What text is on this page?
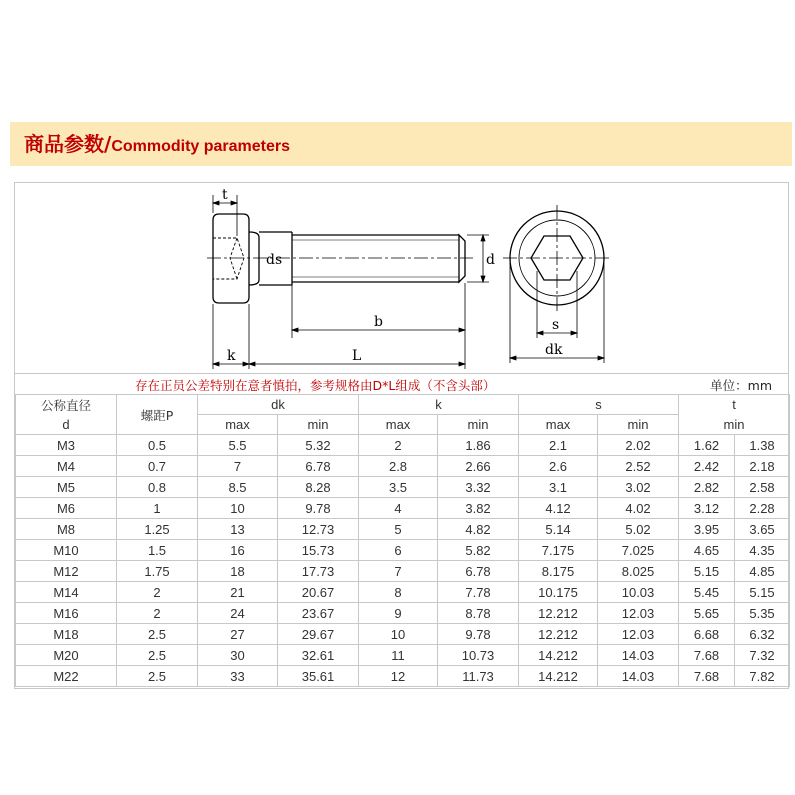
商品参数/Commodity parameters
t
ds	d
b
k	L
s
dk
存在正员公差特别在意者慎拍，参考规格由D*L组成（不含头部）	单位：mm
公称直径	螺距P	dk		k		s		t	
d		max	min	max	min	max	min	min	
M3	0.5	5.5	5.32	2	1.86	2.1	2.02	1.62	1.38
M4	0.7	7	6.78	2.8	2.66	2.6	2.52	2.42	2.18
M5	0.8	8.5	8.28	3.5	3.32	3.1	3.02	2.82	2.58
M6	1	10	9.78	4	3.82	4.12	4.02	3.12	2.28
M8	1.25	13	12.73	5	4.82	5.14	5.02	3.95	3.65
M10	1.5	16	15.73	6	5.82	7.175	7.025	4.65	4.35
M12	1.75	18	17.73	7	6.78	8.175	8.025	5.15	4.85
M14	2	21	20.67	8	7.78	10.175	10.03	5.45	5.15
M16	2	24	23.67	9	8.78	12.212	12.03	5.65	5.35
M18	2.5	27	29.67	10	9.78	12.212	12.03	6.68	6.32
M20	2.5	30	32.61	11	10.73	14.212	14.03	7.68	7.32
M22	2.5	33	35.61	12	11.73	14.212	14.03	7.68	7.82
